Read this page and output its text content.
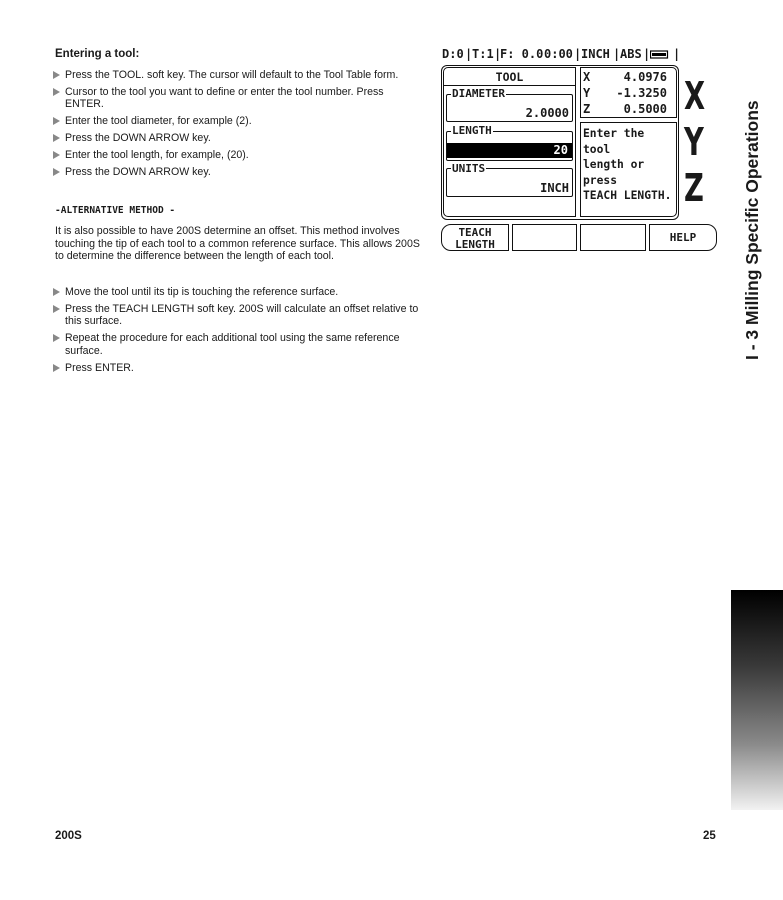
Entering a tool:
Press the TOOL. soft key. The cursor will default to the Tool Table form.
Cursor to the tool you want to define or enter the tool number. Press ENTER.
Enter the tool diameter, for example (2).
Press the DOWN ARROW key.
Enter the tool length, for example, (20).
Press the DOWN ARROW key.
-ALTERNATIVE METHOD -

It is also possible to have 200S determine an offset. This method involves touching the tip of each tool to a common reference surface. This allows 200S to determine the difference between the length of each tool.

Move the tool until its tip is touching the reference surface.
Press the TEACH LENGTH soft key. 200S will calculate an offset relative to this surface.
Repeat the procedure for each additional tool using the same reference surface.
Press ENTER.
D:0 | T:1 |
F: 0.0 0:00 | INCH | ABS | |
TOOL
DIAMETER
2.0000
LENGTH
20
UNITS
INCH
X	4.0976
Y -1.3250
Z	0.5000
Enter the tool
length or press
TEACH LENGTH.
X
Y
Z
TEACH
LENGTH	HELP	I - 3 Milling Specific Operations
200S	25
